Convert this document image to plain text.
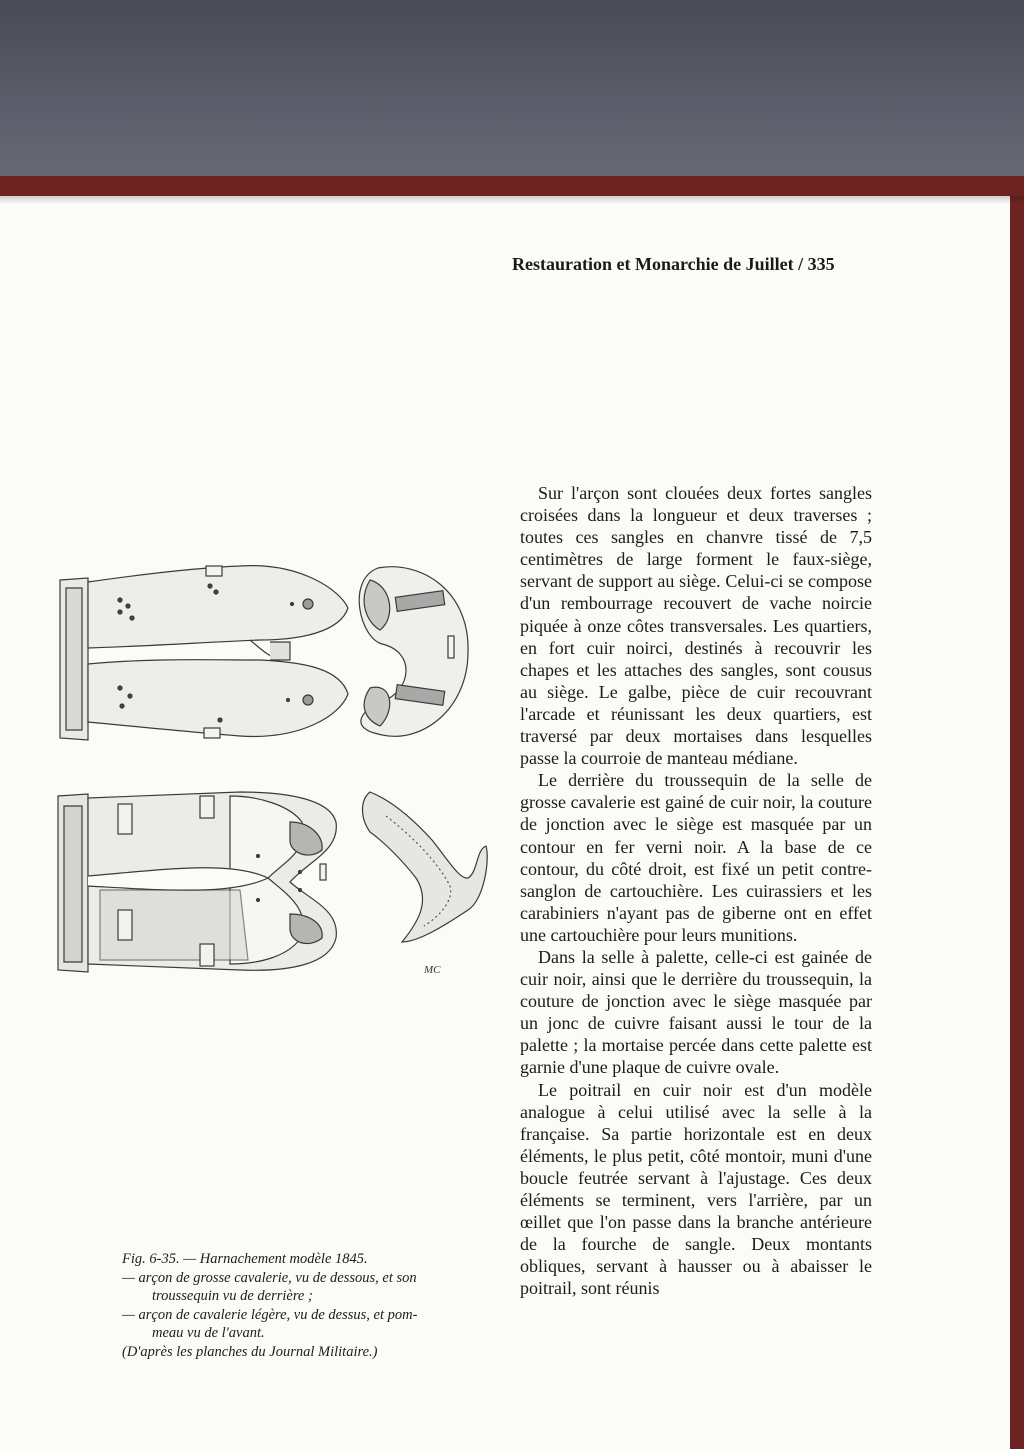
Restauration et Monarchie de Juillet / 335
MC
Fig. 6-35. — Harnachement modèle 1845.
— arçon de grosse cavalerie, vu de dessous, et son
troussequin vu de derrière ;
— arçon de cavalerie légère, vu de dessus, et pom-
meau vu de l'avant.
(D'après les planches du Journal Militaire.)

Sur l'arçon sont clouées deux fortes sangles croisées dans la longueur et deux traverses ; toutes ces sangles en chanvre tissé de 7,5 centimètres de large forment le faux-siège, servant de support au siège. Celui-ci se compose d'un rembourrage recouvert de vache noircie piquée à onze côtes transversales. Les quartiers, en fort cuir noirci, destinés à recouvrir les chapes et les attaches des sangles, sont cousus au siège. Le galbe, pièce de cuir recouvrant l'arcade et réunissant les deux quartiers, est traversé par deux mortaises dans lesquelles passe la courroie de manteau médiane.

Le derrière du troussequin de la selle de grosse cavalerie est gainé de cuir noir, la couture de jonction avec le siège est masquée par un contour en fer verni noir. A la base de ce contour, du côté droit, est fixé un petit contre-sanglon de cartouchière. Les cuirassiers et les carabiniers n'ayant pas de giberne ont en effet une cartouchière pour leurs munitions.

Dans la selle à palette, celle-ci est gainée de cuir noir, ainsi que le derrière du troussequin, la couture de jonction avec le siège masquée par un jonc de cuivre faisant aussi le tour de la palette ; la mortaise percée dans cette palette est garnie d'une plaque de cuivre ovale.

Le poitrail en cuir noir est d'un modèle analogue à celui utilisé avec la selle à la française. Sa partie horizontale est en deux éléments, le plus petit, côté montoir, muni d'une boucle feutrée servant à l'ajustage. Ces deux éléments se terminent, vers l'arrière, par un œillet que l'on passe dans la branche antérieure de la fourche de sangle. Deux montants obliques, servant à hausser ou à abaisser le poitrail, sont réunis
